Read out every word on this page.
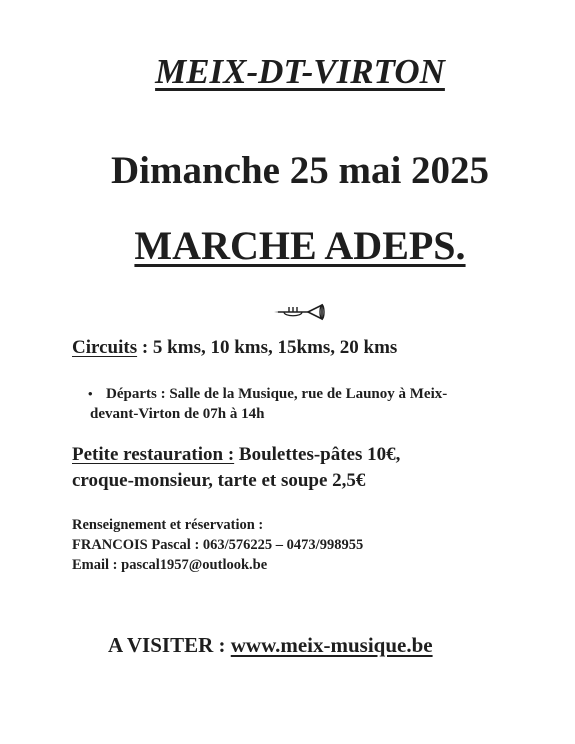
MEIX-DT-VIRTON
Dimanche 25 mai 2025
MARCHE ADEPS.
Circuits : 5 kms, 10 kms, 15kms, 20 kms
• Départs : Salle de la Musique, rue de Launoy à Meix-
devant-Virton de 07h à 14h
Petite restauration : Boulettes-pâtes 10€,
croque-monsieur, tarte et soupe 2,5€
Renseignement et réservation :
FRANCOIS Pascal : 063/576225 – 0473/998955
Email : pascal1957@outlook.be
A VISITER : www.meix-musique.be
